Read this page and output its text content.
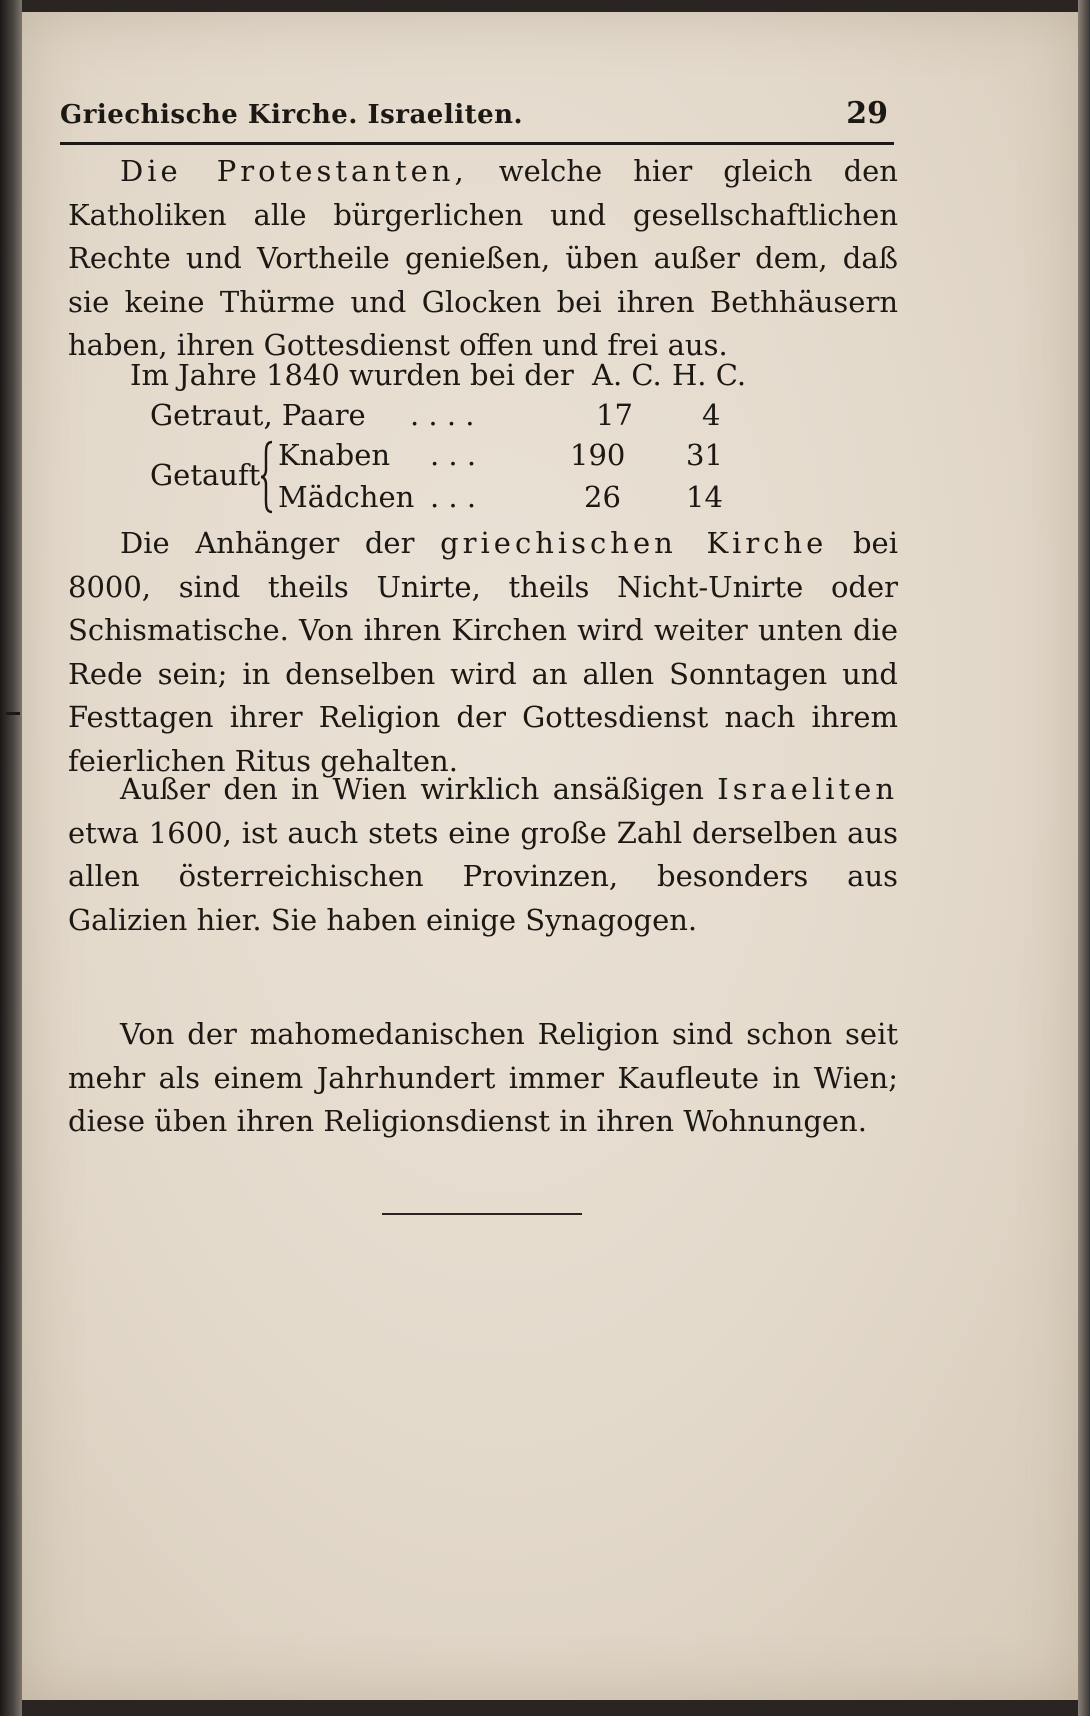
Griechische Kirche. Israeliten.	29

Die Protestanten, welche hier gleich den Katholiken alle bürgerlichen und gesellschaftlichen Rechte und Vortheile genießen, üben außer dem, daß sie keine Thürme und Glocken bei ihren Bethhäusern haben, ihren Gottesdienst offen und frei aus.

Im Jahre 1840 wurden bei der A. C. H. C.
Getraut, Paare . . . .	17 4
Knaben . . .	190 31
Getauft
Mädchen . . .	26 14

Die Anhänger der griechischen Kirche bei 8000, sind theils Unirte, theils Nicht-Unirte oder Schismatische. Von ihren Kirchen wird weiter unten die Rede sein; in denselben wird an allen Sonntagen und Festtagen ihrer Religion der Gottesdienst nach ihrem feierlichen Ritus gehalten.

Außer den in Wien wirklich ansäßigen Israeliten etwa 1600, ist auch stets eine große Zahl derselben aus allen österreichischen Provinzen, besonders aus Galizien hier. Sie haben einige Synagogen.

Von der mahomedanischen Religion sind schon seit mehr als einem Jahrhundert immer Kaufleute in Wien; diese üben ihren Religionsdienst in ihren Wohnungen.
